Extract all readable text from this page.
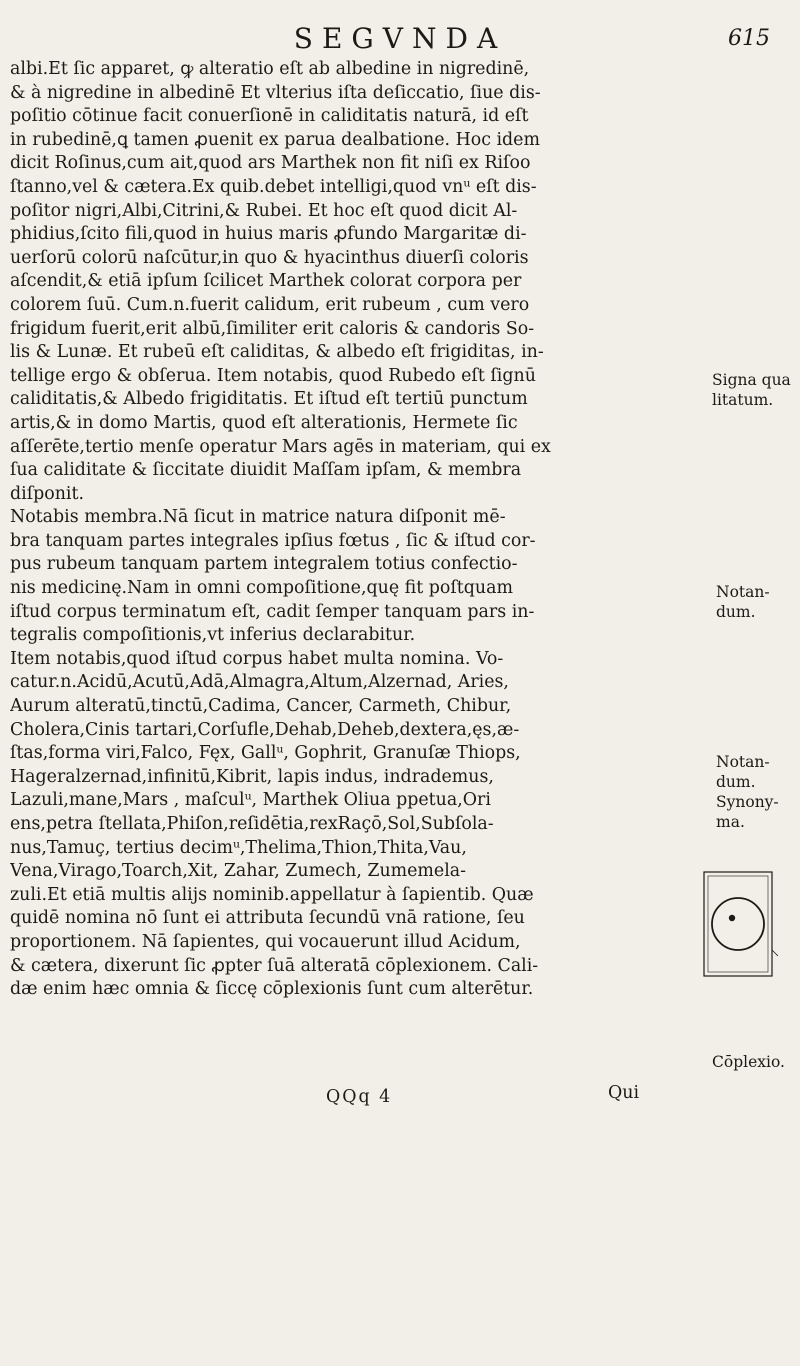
SEGVNDA	615
albi.Et ſic apparet, ꝙ alteratio eſt ab albedine in nigredinē,
& à nigredine in albedinē Et vlterius iſta deſiccatio, ſiue dis-
poſitio cōtinue facit conuerſionē in caliditatis naturā, id eſt
in rubedinē,ꝗ tamen ꝓuenit ex parua dealbatione. Hoc idem
dicit Roſinus,cum ait,quod ars Marthek non fit niſi ex Riſoo
ſtanno,vel & cætera.Ex quib.debet intelligi,quod vnᵘ eſt dis-
poſitor nigri,Albi,Citrini,& Rubei. Et hoc eſt quod dicit Al-
phidius,ſcito fili,quod in huius maris ꝓfundo Margaritæ di-
uerſorū colorū naſcūtur,in quo & hyacinthus diuerſi coloris
aſcendit,& etiā ipſum ſcilicet Marthek colorat corpora per
colorem ſuū. Cum.n.fuerit calidum, erit rubeum , cum vero
frigidum fuerit,erit albū,ſimiliter erit caloris & candoris So-
lis & Lunæ. Et rubeū eſt caliditas, & albedo eſt frigiditas, in-
tellige ergo & obſerua. Item notabis, quod Rubedo eſt ſignū
caliditatis,& Albedo frigiditatis. Et iſtud eſt tertiū punctum
artis,& in domo Martis, quod eſt alterationis, Hermete ſic
aſſerēte,tertio menſe operatur Mars agēs in materiam, qui ex
ſua caliditate & ſiccitate diuidit Maſſam ipſam, & membra
diſponit.
Notabis membra.Nā ſicut in matrice natura diſponit mē-
bra tanquam partes integrales ipſius fœtus , ſic & iſtud cor-
pus rubeum tanquam partem integralem totius confectio-
nis medicinę.Nam in omni compoſitione,quę fit poſtquam
iſtud corpus terminatum eſt, cadit ſemper tanquam pars in-
tegralis compoſitionis,vt inferius declarabitur.
Item notabis,quod iſtud corpus habet multa nomina. Vo-
catur.n.Acidū,Acutū,Adā,Almagra,Altum,Alzernad, Aries,
Aurum alteratū,tinctū,Cadima, Cancer, Carmeth, Chibur,
Cholera,Cinis tartari,Corſufle,Dehab,Deheb,dextera,ęs,æ-
ſtas,forma viri,Falco, Fęx, Gallᵘ, Gophrit, Granuſæ Thiops,
Hageralzernad,infinitū,Kibrit, lapis indus, indrademus,
Lazuli,mane,Mars , maſculᵘ, Marthek Oliua ppetua,Ori
ens,petra ſtellata,Phiſon,reſidētia,rexRaçō,Sol,Subſola-
nus,Tamuç, tertius decimᵘ,Thelima,Thion,Thita,Vau,
Vena,Virago,Toarch,Xit, Zahar, Zumech, Zumemela-
zuli.Et etiā multis alijs nominib.appellatur à ſapientib. Quæ
quidē nomina nō ſunt ei attributa ſecundū vnā ratione, ſeu
proportionem. Nā ſapientes, qui vocauerunt illud Acidum,
& cætera, dixerunt ſic ꝓpter ſuā alteratā cōplexionem. Cali-
dæ enim hæc omnia & ſiccę cōplexionis ſunt cum alterētur.
Signa qua
litatum.
Notan-
dum.
Notan-
dum.
Synony-
ma.
Cōplexio.
QQq 4	Qui
